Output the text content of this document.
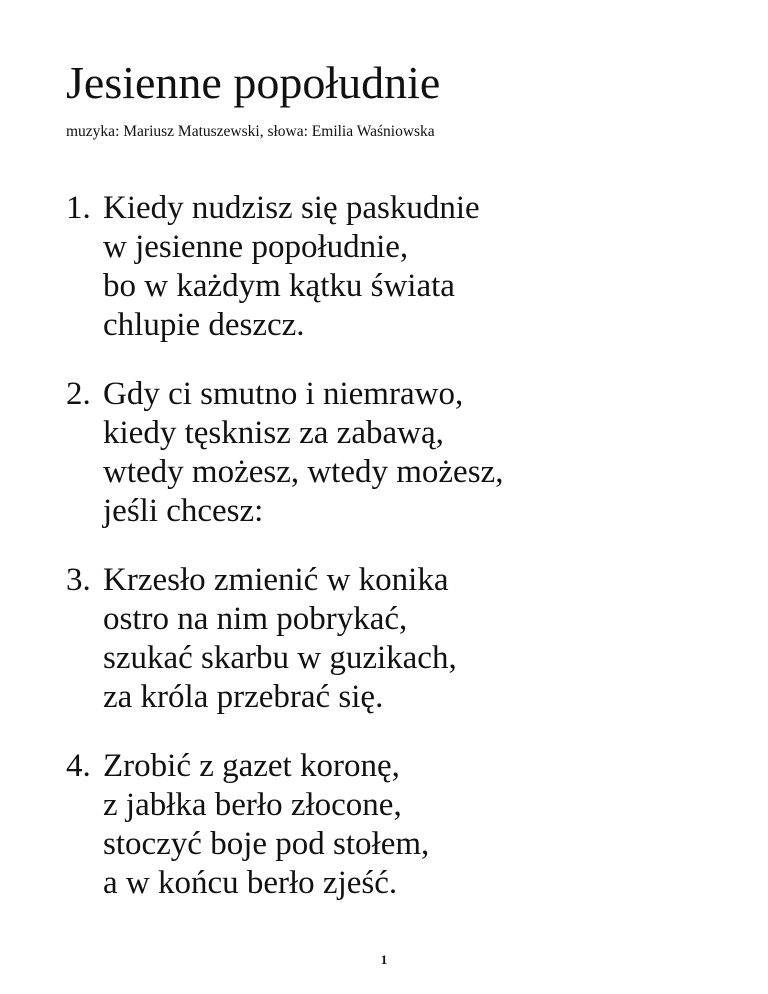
Jesienne popołudnie
muzyka: Mariusz Matuszewski, słowa: Emilia Waśniowska
1. Kiedy nudzisz się paskudnie
w jesienne popołudnie,
bo w każdym kątku świata
chlupie deszcz.
2. Gdy ci smutno i niemrawo,
kiedy tęsknisz za zabawą,
wtedy możesz, wtedy możesz,
jeśli chcesz:
3. Krzesło zmienić w konika
ostro na nim pobrykać,
szukać skarbu w guzikach,
za króla przebrać się.
4. Zrobić z gazet koronę,
z jabłka berło złocone,
stoczyć boje pod stołem,
a w końcu berło zjeść.
1
